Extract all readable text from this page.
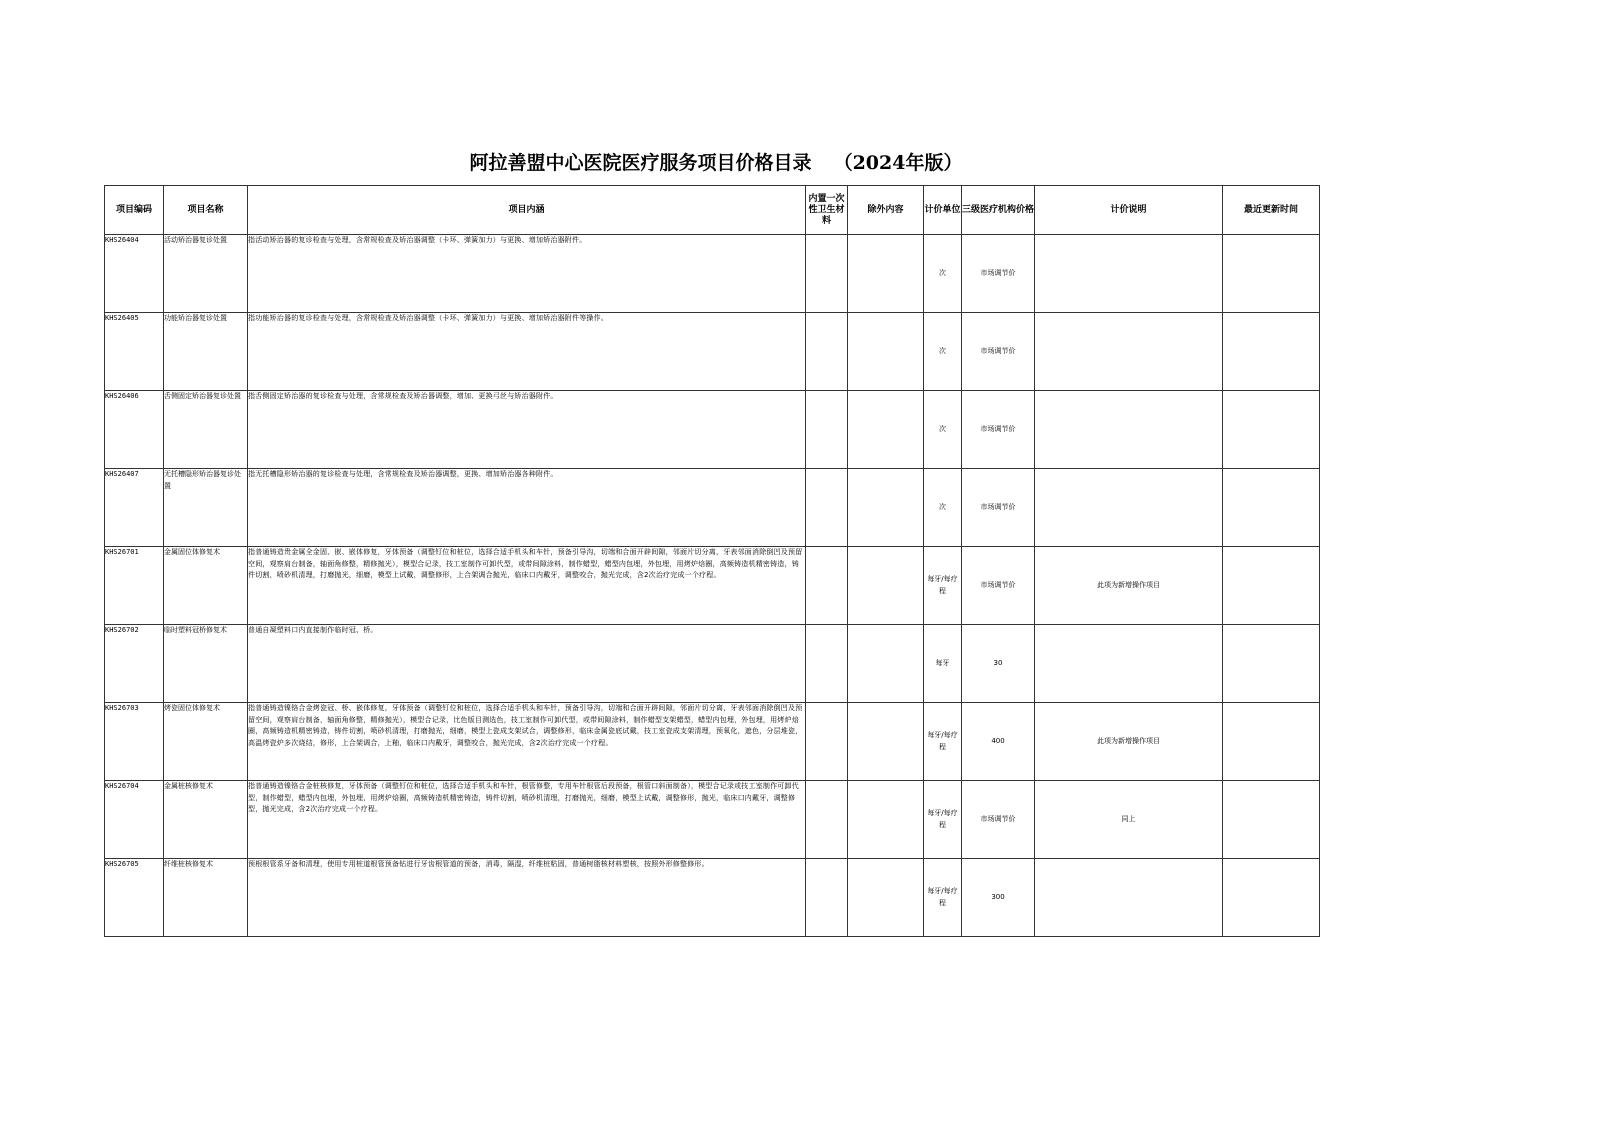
阿拉善盟中心医院医疗服务项目价格目录 （2024年版）
项目编码	项目名称	项目内涵	内置一次性卫生材料	除外内容	计价单位	三级医疗机构价格	计价说明	最近更新时间
KHS26404	活动矫治器复诊处置	指活动矫治器的复诊检查与处理，含常规检查及矫治器调整（卡环、弹簧加力）与更换、增加矫治器附件。			次	市场调节价		
KHS26405	功能矫治器复诊处置	指功能矫治器的复诊检查与处理，含常规检查及矫治器调整（卡环、弹簧加力）与更换、增加矫治器附件等操作。			次	市场调节价		
KHS26406	舌侧固定矫治器复诊处置	指舌侧固定矫治器的复诊检查与处理，含常规检查及矫治器调整，增加、更换弓丝与矫治器附件。			次	市场调节价		
KHS26407	无托槽隐形矫治器复诊处置	指无托槽隐形矫治器的复诊检查与处理，含常规检查及矫治器调整，更换、增加矫治器各种附件。			次	市场调节价		
KHS26701	金属固位体修复术	指普通铸造贵金属全金固、嵌、嵌体修复，牙体预备（调整钉位和桩位，选择合适手机头和车针，预备引导沟，切端和合面开辟间隙，邻面片切分离，牙表邻面消除倒凹及预留空间，观察肩台制备，轴面角修整，精修抛光），模型合记录，技工室制作可卸代型，或带间隙涂料，制作蜡型，蜡型内包埋，外包埋，用烤炉焙圈，高频铸造机精密铸造，铸件切割，喷砂机清理，打磨抛光，细磨，模型上试戴，调整修形，上合架调合抛光，临床口内戴牙，调整咬合，抛光完成，含2次治疗完成一个疗程。			每牙/每疗程	市场调节价	此项为新增操作项目	
KHS26702	临时塑料冠桥修复术	普通自凝塑料口内直接制作临时冠、桥。			每牙	30		
KHS26703	烤瓷固位体修复术	指普通铸造镍铬合金烤瓷冠、桥、嵌体修复，牙体预备（调整钉位和桩位，选择合适手机头和车针，预备引导沟，切端和合面开辟间隙，邻面片切分离，牙表邻面消除倒凹及预留空间，观察肩台制备，轴面角修整，精修抛光），模型合记录，比色版目测选色，技工室制作可卸代型，或带间隙涂料，制作蜡型支架蜡型，蜡型内包埋，外包埋，用烤炉焙圈，高频铸造机精密铸造，铸件切割，喷砂机清理，打磨抛光，细磨，模型上瓷成支架试合，调整修形，临床金属瓷底试戴，技工室瓷成支架清理，预氧化，遮色，分层堆瓷，高温烤瓷炉多次烧结，修形，上合架调合，上釉，临床口内戴牙，调整咬合，抛光完成，含2次治疗完成一个疗程。			每牙/每疗程	400	此项为新增操作项目	
KHS26704	金属桩核修复术	指普通铸造镍铬合金桩核修复，牙体预备（调整钉位和桩位，选择合适手机头和车针，根管修整，专用车针根管后段预备，根管口斜面制备），模型合记录或技工室制作可卸代型，制作蜡型，蜡型内包埋，外包埋，用烤炉焙圈，高频铸造机精密铸造，铸件切割，喷砂机清理，打磨抛光，细磨，模型上试戴，调整修形，抛光，临床口内戴牙，调整修型，抛光完成，含2次治疗完成一个疗程。			每牙/每疗程	市场调节价	同上	
KHS26705	纤维桩核修复术	预根根管系牙备和清理，使用专用桩道根管预备钻进行牙齿根管道的预备，消毒，隔湿，纤维桩粘固，普通树脂核材料塑核，按照外形修整修形。			每牙/每疗程	300		
